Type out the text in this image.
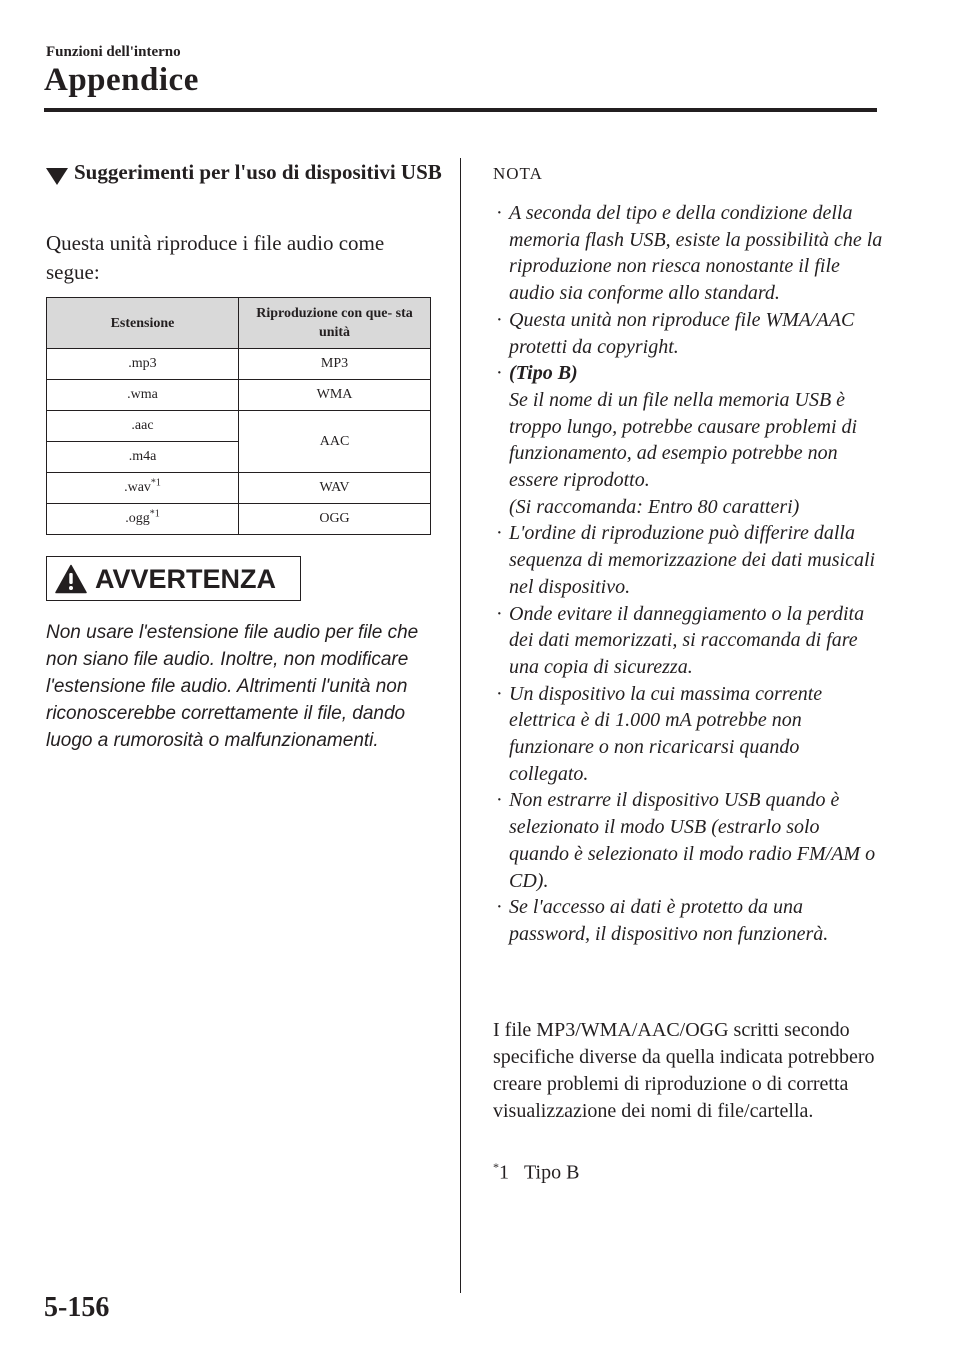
Funzioni dell'interno
Appendice
Suggerimenti per l'uso di dispositivi USB
Questa unità riproduce i file audio come segue:
Estensione	Riproduzione con que- sta unità
.mp3	MP3
.wma	WMA
.aac	AAC
.m4a	
.wav$^{*1}$	WAV
.ogg$^{*1}$	OGG
AVVERTENZA
Non usare l'estensione file audio per file che non siano file audio. Inoltre, non modificare l'estensione file audio. Altrimenti l'unità non riconoscerebbe correttamente il file, dando luogo a rumorosità o malfunzionamenti.
NOTA
· A seconda del tipo e della condizione della memoria flash USB, esiste la possibilità che la riproduzione non riesca nonostante il file audio sia conforme allo standard.
· Questa unità non riproduce file WMA/AAC protetti da copyright.
· (Tipo B)
Se il nome di un file nella memoria USB è troppo lungo, potrebbe causare problemi di funzionamento, ad esempio potrebbe non essere riprodotto.
(Si raccomanda: Entro 80 caratteri)
· L'ordine di riproduzione può differire dalla sequenza di memorizzazione dei dati musicali nel dispositivo.
· Onde evitare il danneggiamento o la perdita dei dati memorizzati, si raccomanda di fare una copia di sicurezza.
· Un dispositivo la cui massima corrente elettrica è di 1.000 mA potrebbe non funzionare o non ricaricarsi quando collegato.
· Non estrarre il dispositivo USB quando è selezionato il modo USB (estrarlo solo quando è selezionato il modo radio FM/AM o CD).
· Se l'accesso ai dati è protetto da una password, il dispositivo non funzionerà.
I file MP3/WMA/AAC/OGG scritti secondo specifiche diverse da quella indicata potrebbero creare problemi di riproduzione o di corretta visualizzazione dei nomi di file/cartella.
*1 Tipo B
5-156
